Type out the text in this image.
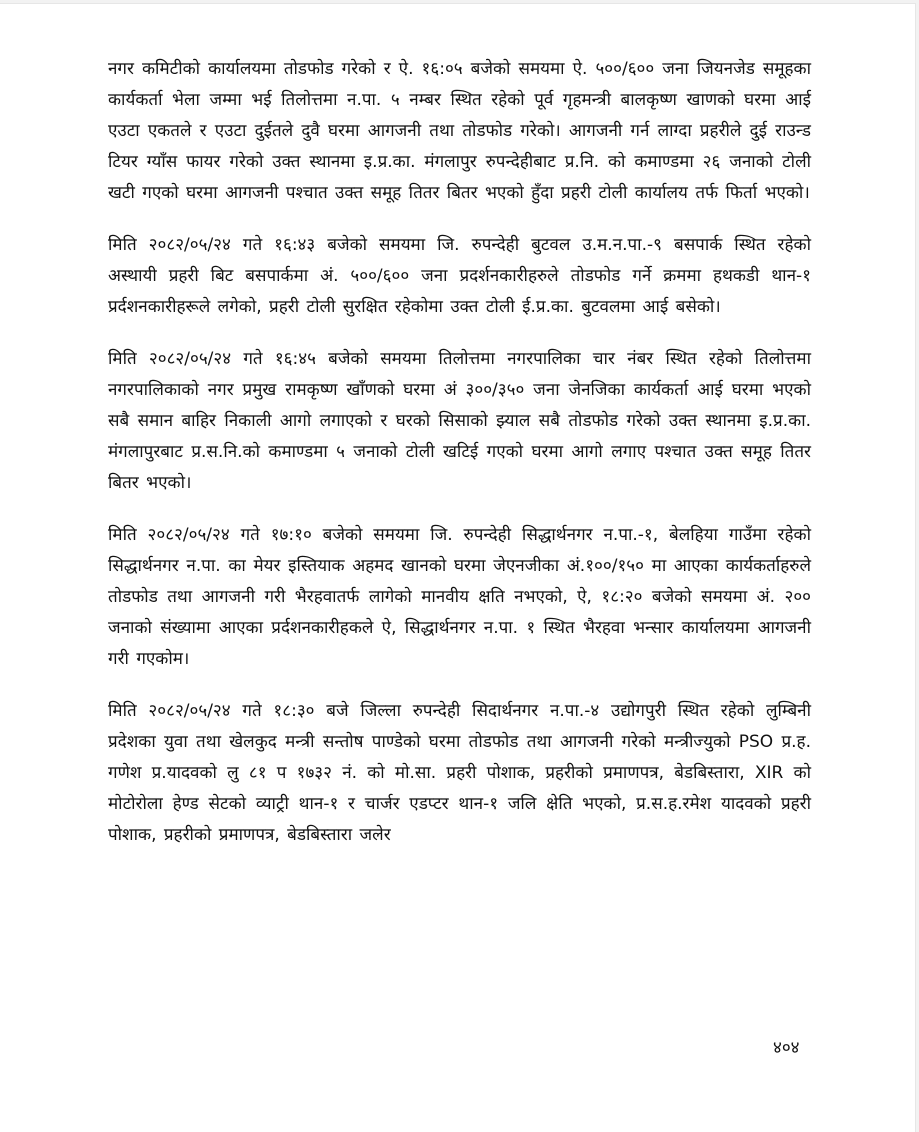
नगर कमिटीको कार्यालयमा तोडफोड गरेको र ऐ. १६:०५ बजेको समयमा ऐ. ५००/६०० जना जियनजेड समूहका कार्यकर्ता भेला जम्मा भई तिलोत्तमा न.पा. ५ नम्बर स्थित रहेको पूर्व गृहमन्त्री बालकृष्ण खाणको घरमा आई एउटा एकतले र एउटा दुईतले दुवै घरमा आगजनी तथा तोडफोड गरेको। आगजनी गर्न लाग्दा प्रहरीले दुई राउन्ड टियर ग्याँस फायर गरेको उक्त स्थानमा इ.प्र.का. मंगलापुर रुपन्देहीबाट प्र.नि. को कमाण्डमा २६ जनाको टोली खटी गएको घरमा आगजनी पश्चात उक्त समूह तितर बितर भएको हुँदा प्रहरी टोली कार्यालय तर्फ फिर्ता भएको।

मिति २०८२/०५/२४ गते १६:४३ बजेको समयमा जि. रुपन्देही बुटवल उ.म.न.पा.-९ बसपार्क स्थित रहेको अस्थायी प्रहरी बिट बसपार्कमा अं. ५००/६०० जना प्रदर्शनकारीहरुले तोडफोड गर्ने क्रममा हथकडी थान-१ प्रर्दशनकारीहरूले लगेको, प्रहरी टोली सुरक्षित रहेकोमा उक्त टोली ई.प्र.का. बुटवलमा आई बसेको।

मिति २०८२/०५/२४ गते १६:४५ बजेको समयमा तिलोत्तमा नगरपालिका चार नंबर स्थित रहेको तिलोत्तमा नगरपालिकाको नगर प्रमुख रामकृष्ण खाँणको घरमा अं ३००/३५० जना जेनजिका कार्यकर्ता आई घरमा भएको सबै समान बाहिर निकाली आगो लगाएको र घरको सिसाको झ्याल सबै तोडफोड गरेको उक्त स्थानमा इ.प्र.का. मंगलापुरबाट प्र.स.नि.को कमाण्डमा ५ जनाको टोली खटिई गएको घरमा आगो लगाए पश्चात उक्त समूह तितर बितर भएको।

मिति २०८२/०५/२४ गते १७:१० बजेको समयमा जि. रुपन्देही सिद्धार्थनगर न.पा.-१, बेलहिया गाउँमा रहेको सिद्धार्थनगर न.पा. का मेयर इस्तियाक अहमद खानको घरमा जेएनजीका अं.१००/१५० मा आएका कार्यकर्ताहरुले तोडफोड तथा आगजनी गरी भैरहवातर्फ लागेको मानवीय क्षति नभएको, ऐ, १८:२० बजेको समयमा अं. २०० जनाको संख्यामा आएका प्रर्दशनकारीहकले ऐ, सिद्धार्थनगर न.पा. १ स्थित भैरहवा भन्सार कार्यालयमा आगजनी गरी गएकोम।

मिति २०८२/०५/२४ गते १८:३० बजे जिल्ला रुपन्देही सिदार्थनगर न.पा.-४ उद्योगपुरी स्थित रहेको लुम्बिनी प्रदेशका युवा तथा खेलकुद मन्त्री सन्तोष पाण्डेको घरमा तोडफोड तथा आगजनी गरेको मन्त्रीज्युको PSO प्र.ह. गणेश प्र.यादवको लु ८१ प १७३२ नं. को मो.सा. प्रहरी पोशाक, प्रहरीको प्रमाणपत्र, बेडबिस्तारा, XIR को मोटोरोला हेण्ड सेटको व्याट्री थान-१ र चार्जर एडप्टर थान-१ जलि क्षेति भएको, प्र.स.ह.रमेश यादवको प्रहरी पोशाक, प्रहरीको प्रमाणपत्र, बेडबिस्तारा जलेर

४०४
